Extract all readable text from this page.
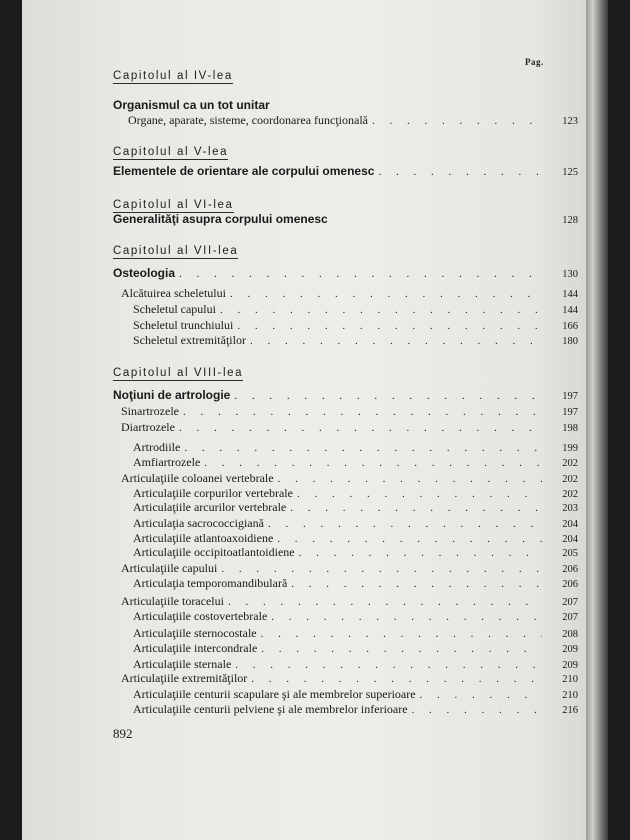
Pag.
Capitolul al IV-lea
Organismul ca un tot unitar
Organe, aparate, sisteme, coordonarea funcţională . . .	123
Capitolul al V-lea
Elementele de orientare ale corpului omenesc . . .	125
Capitolul al VI-lea
Generalităţi asupra corpului omenesc	128
Capitolul al VII-lea
Osteologia . . .	130
Alcătuirea scheletului . . .	144
Scheletul capului . . .	144
Scheletul trunchiului . . .	166
Scheletul extremităţilor . . .	180
Capitolul al VIII-lea
Noţiuni de artrologie . . .	197
Sinartrozele . . .	197
Diartrozele . . .	198
Artrodiile . . .	199
Amfiartrozele . . .	202
Articulaţiile coloanei vertebrale . . .	202
Articulaţiile corpurilor vertebrale . . .	202
Articulaţiile arcurilor vertebrale . . .	203
Articulaţia sacrococcigiană . . .	204
Articulaţiile atlantoaxoidiene . . .	204
Articulaţiile occipitoatlantoidiene . . .	205
Articulaţiile capului . . .	206
Articulaţia temporomandibulară . . .	206
Articulaţiile toracelui . . .	207
Articulaţiile costovertebrale . . .	207
Articulaţiile sternocostale . . .	208
Articulaţiile intercondrale . . .	209
Articulaţiile sternale . . .	209
Articulaţiile extremităţilor . . .	210
Articulaţiile centurii scapulare şi ale membrelor superioare . . .	210
Articulaţiile centurii pelviene şi ale membrelor inferioare . . .	216
892
